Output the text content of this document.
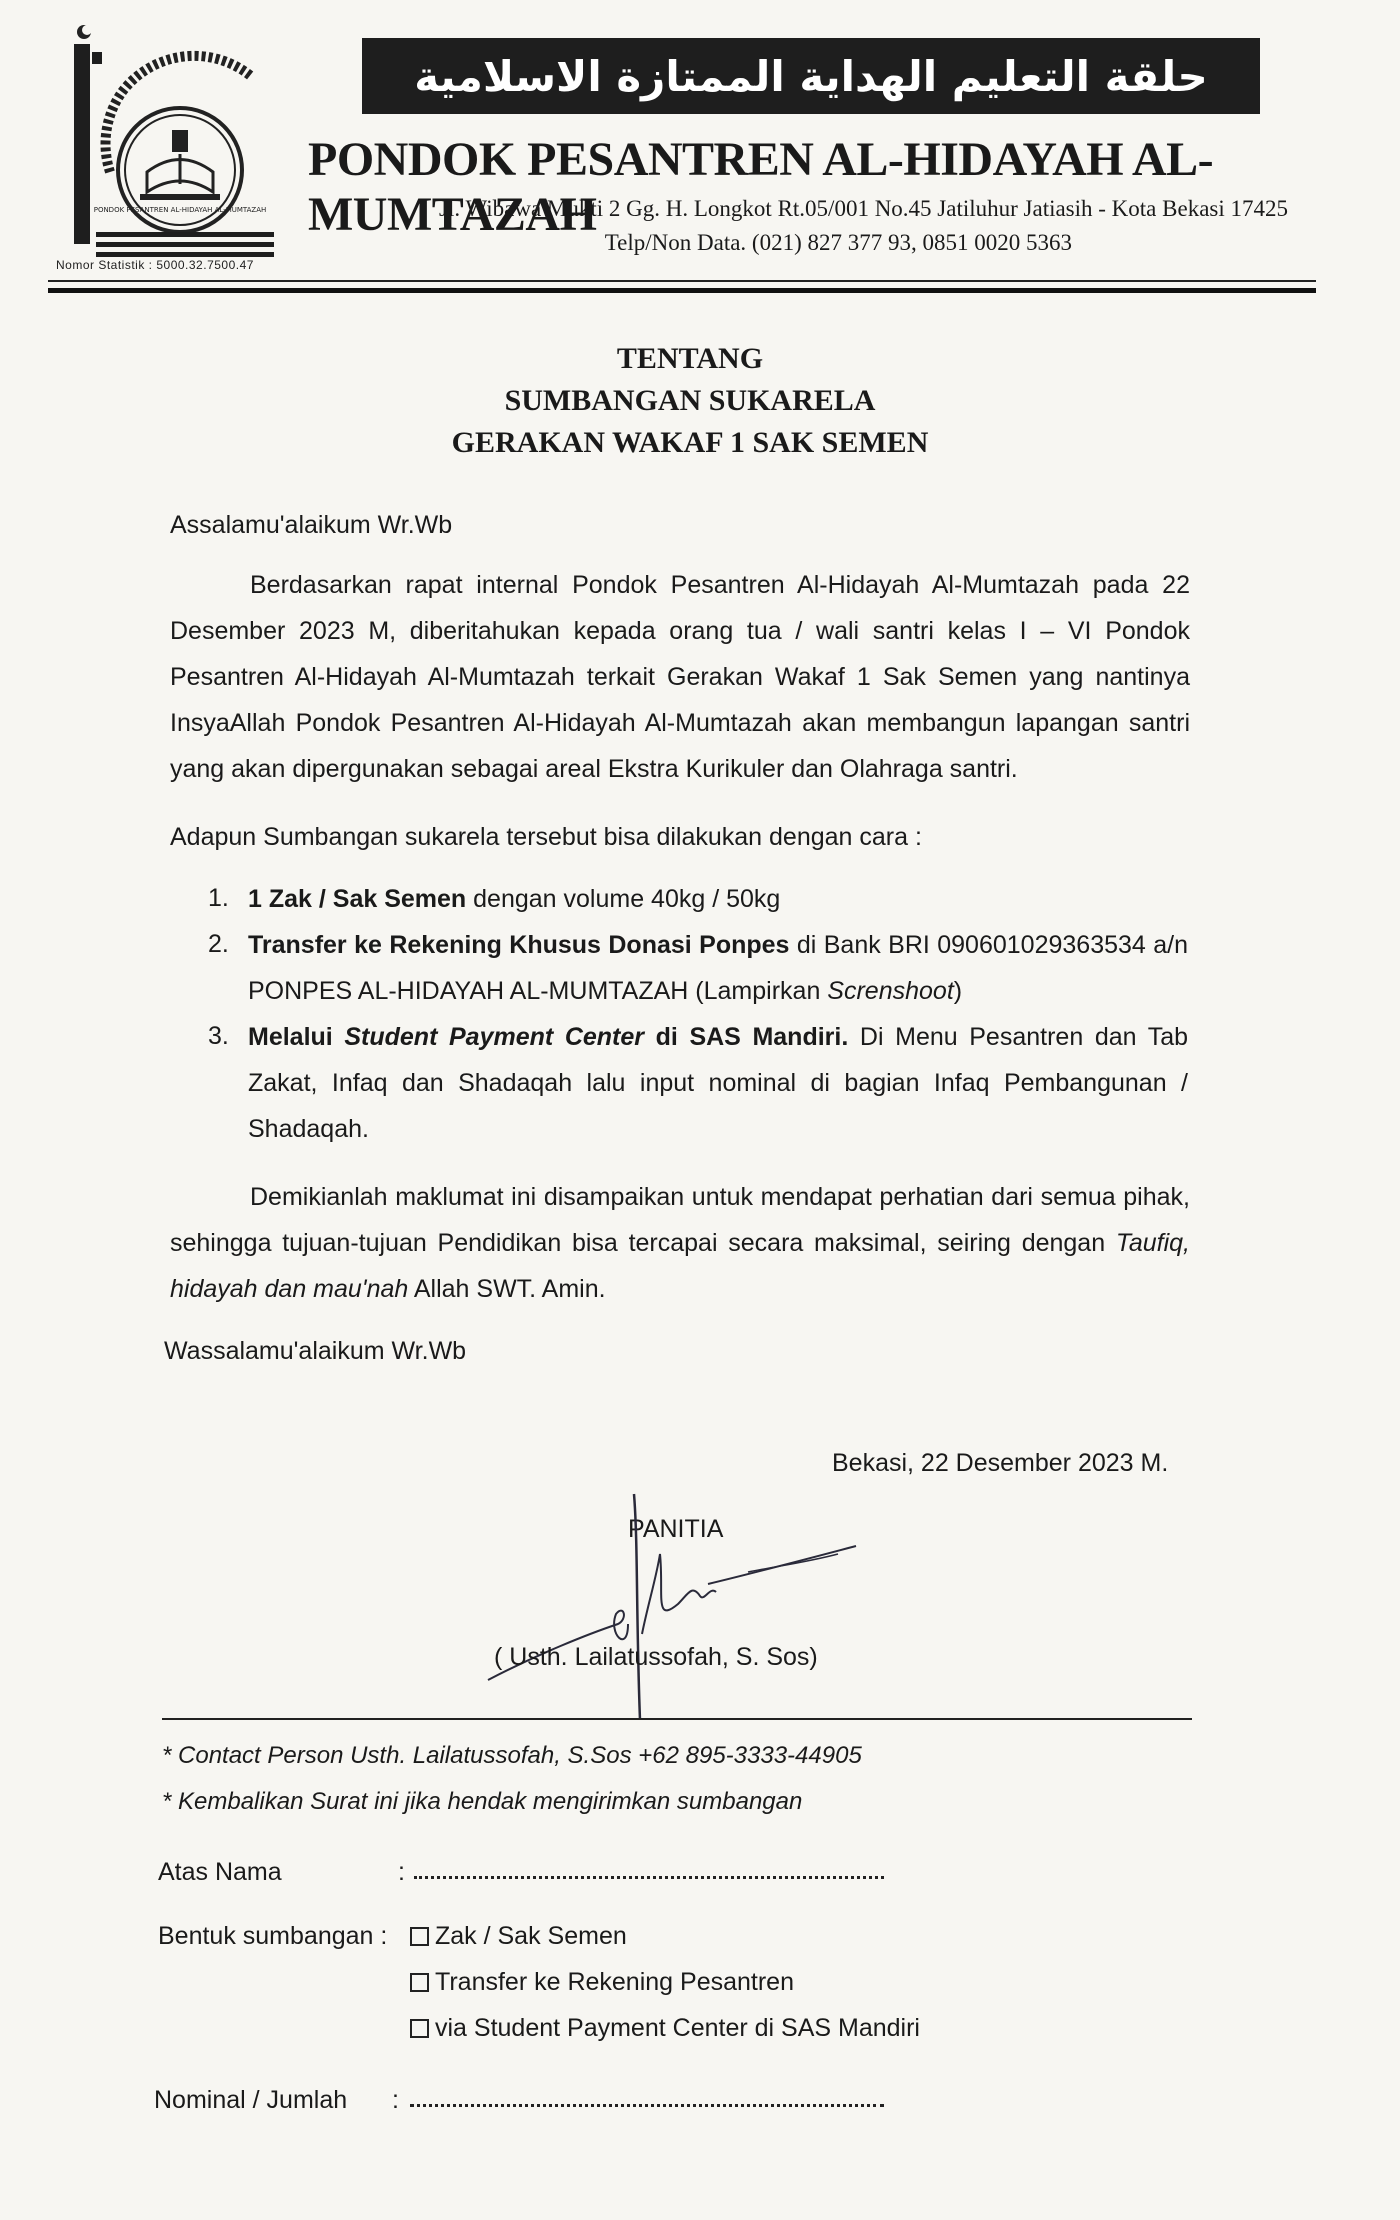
PONDOK PESANTREN AL-HIDAYAH AL-MUMTAZAH
Nomor Statistik : 5000.32.7500.47
حلقة التعليم الهداية الممتازة الاسلامية
PONDOK PESANTREN AL-HIDAYAH AL-MUMTAZAH
Jl. Wibawa Mukti 2 Gg. H. Longkot Rt.05/001 No.45 Jatiluhur Jatiasih - Kota Bekasi 17425
Telp/Non Data. (021) 827 377 93, 0851 0020 5363
TENTANG
SUMBANGAN SUKARELA
GERAKAN WAKAF 1 SAK SEMEN
Assalamu'alaikum Wr.Wb
Berdasarkan rapat internal Pondok Pesantren Al-Hidayah Al-Mumtazah pada 22 Desember 2023 M, diberitahukan kepada orang tua / wali santri kelas I – VI Pondok Pesantren Al-Hidayah Al-Mumtazah terkait Gerakan Wakaf 1 Sak Semen yang nantinya InsyaAllah Pondok Pesantren Al-Hidayah Al-Mumtazah akan membangun lapangan santri yang akan dipergunakan sebagai areal Ekstra Kurikuler dan Olahraga santri.
Adapun Sumbangan sukarela tersebut bisa dilakukan dengan cara :
1. 1 Zak / Sak Semen dengan volume 40kg / 50kg
2. Transfer ke Rekening Khusus Donasi Ponpes di Bank BRI 090601029363534 a/n PONPES AL-HIDAYAH AL-MUMTAZAH (Lampirkan Screnshoot)
3. Melalui Student Payment Center di SAS Mandiri. Di Menu Pesantren dan Tab Zakat, Infaq dan Shadaqah lalu input nominal di bagian Infaq Pembangunan / Shadaqah.
Demikianlah maklumat ini disampaikan untuk mendapat perhatian dari semua pihak, sehingga tujuan-tujuan Pendidikan bisa tercapai secara maksimal, seiring dengan Taufiq, hidayah dan mau'nah Allah SWT. Amin.
Wassalamu'alaikum Wr.Wb
Bekasi, 22 Desember 2023 M.
PANITIA
( Usth. Lailatussofah, S. Sos)
* Contact Person Usth. Lailatussofah, S.Sos +62 895-3333-44905
* Kembalikan Surat ini jika hendak mengirimkan sumbangan
Atas Nama	:
Bentuk sumbangan : Zak / Sak Semen
Transfer ke Rekening Pesantren
via Student Payment Center di SAS Mandiri
Nominal / Jumlah :
